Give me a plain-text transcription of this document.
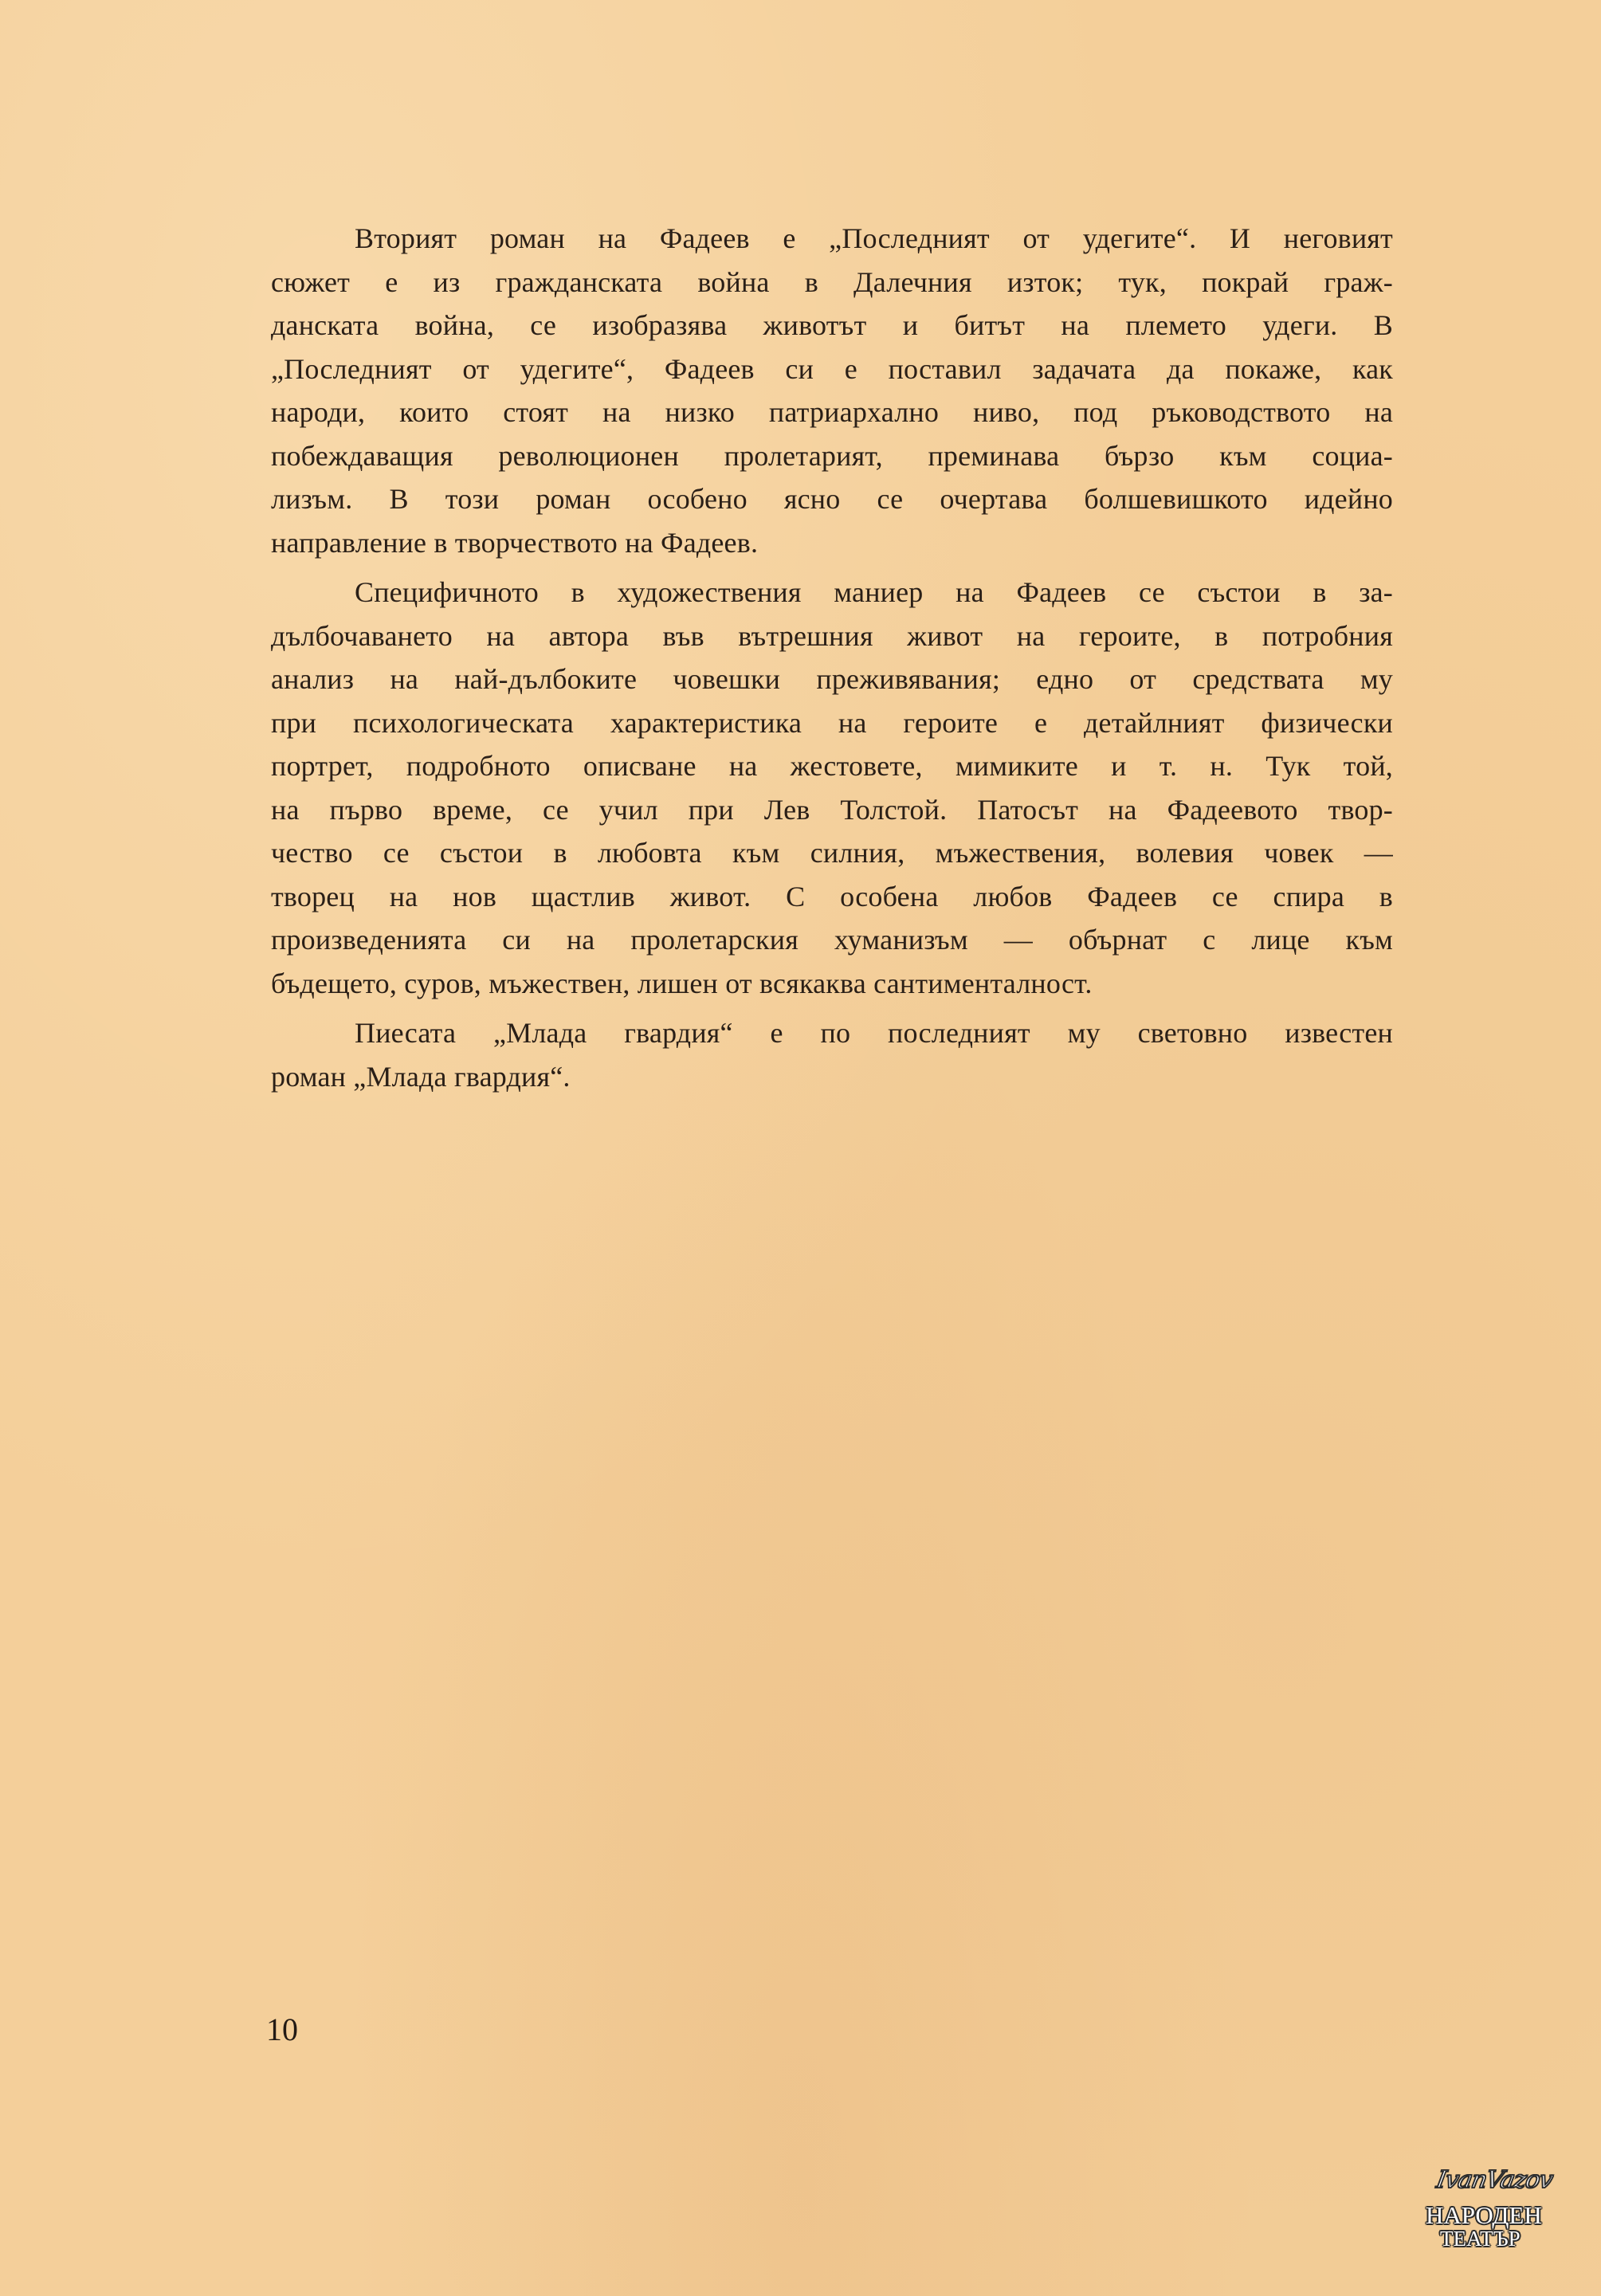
Вторият роман на Фадеев е „Последният от удегите“. И неговият
сюжет е из гражданската война в Далечния изток; тук, покрай граж-
данската война, се изобразява животът и битът на племето удеги. В
„Последният от удегите“, Фадеев си е поставил задачата да покаже, как
народи, които стоят на низко патриархално ниво, под ръководството на
побеждаващия революционен пролетарият, преминава бързо към социа-
лизъм. В този роман особено ясно се очертава болшевишкото идейно
направление в творчеството на Фадеев.
Специфичното в художествения маниер на Фадеев се състои в за-
дълбочаването на автора във вътрешния живот на героите, в потробния
анализ на най-дълбоките човешки преживявания; едно от средствата му
при психологическата характеристика на героите е детайлният физически
портрет, подробното описване на жестовете, мимиките и т. н. Тук той,
на първо време, се учил при Лев Толстой. Патосът на Фадеевото твор-
чество се състои в любовта към силния, мъжествения, волевия човек —
творец на нов щастлив живот. С особена любов Фадеев се спира в
произведенията си на пролетарския хуманизъм — обърнат с лице към
бъдещето, суров, мъжествен, лишен от всякаква сантименталност.
Пиесата „Млада гвардия“ е по последният му световно известен
роман „Млада гвардия“.
10
IvanVazov
НАРОДЕН
ТЕАТЪР
